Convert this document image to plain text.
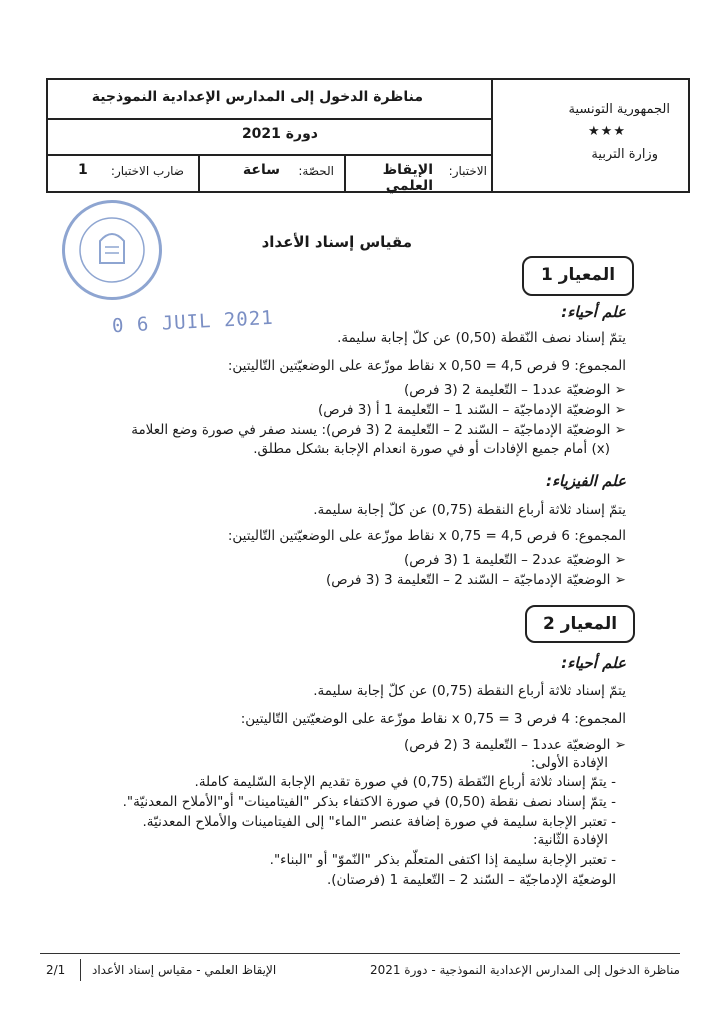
الجمهورية التونسية
★★★
وزارة التربية
مناظرة الدخول إلى المدارس الإعدادية النموذجية
دورة 2021
الاختبار:
الإيقاظ العلمي
الحصّة:
ساعة
ضارب الاختبار:
1
0 6 JUIL 2021
مقياس إسناد الأعداد
المعيار 1
علم أحياء:
يتمّ إسناد نصف النّقطة (0,50) عن كلّ إجابة سليمة.
المجموع: 9 فرص x 0,50 = 4,5 نقاط موزّعة على الوضعيّتين التّاليتين:
➢ الوضعيّة عدد1 – التّعليمة 2 (3 فرص)
➢ الوضعيّة الإدماجيّة – السّند 1 – التّعليمة 1 أ (3 فرص)
➢ الوضعيّة الإدماجيّة – السّند 2 – التّعليمة 2 (3 فرص): يسند صفر في صورة وضع العلامة
(x) أمام جميع الإفادات أو في صورة انعدام الإجابة بشكل مطلق.
علم الفيزياء:
يتمّ إسناد ثلاثة أرباع النقطة (0,75) عن كلّ إجابة سليمة.
المجموع: 6 فرص x 0,75 = 4,5 نقاط موزّعة على الوضعيّتين التّاليتين:
➢ الوضعيّة عدد2 – التّعليمة 1 (3 فرص)
➢ الوضعيّة الإدماجيّة – السّند 2 – التّعليمة 3 (3 فرص)
المعيار 2
علم أحياء:
يتمّ إسناد ثلاثة أرباع النقطة (0,75) عن كلّ إجابة سليمة.
المجموع: 4 فرص x 0,75 = 3 نقاط موزّعة على الوضعيّتين التّاليتين:
➢ الوضعيّة عدد1 – التّعليمة 3 (2 فرص)
الإفادة الأولى:
- يتمّ إسناد ثلاثة أرباع النّقطة (0,75) في صورة تقديم الإجابة السّليمة كاملة.
- يتمّ إسناد نصف نقطة (0,50) في صورة الاكتفاء بذكر "الفيتامينات" أو"الأملاح المعدنيّة".
- تعتبر الإجابة سليمة في صورة إضافة عنصر "الماء" إلى الفيتامينات والأملاح المعدنيّة.
الإفادة الثّانية:
- تعتبر الإجابة سليمة إذا اكتفى المتعلّم بذكر "النّموّ" أو "البناء".
الوضعيّة الإدماجيّة – السّند 2 – التّعليمة 1 (فرصتان).
مناظرة الدخول إلى المدارس الإعدادية النموذجية - دورة 2021
الإيقاظ العلمي - مقياس إسناد الأعداد
2/1
